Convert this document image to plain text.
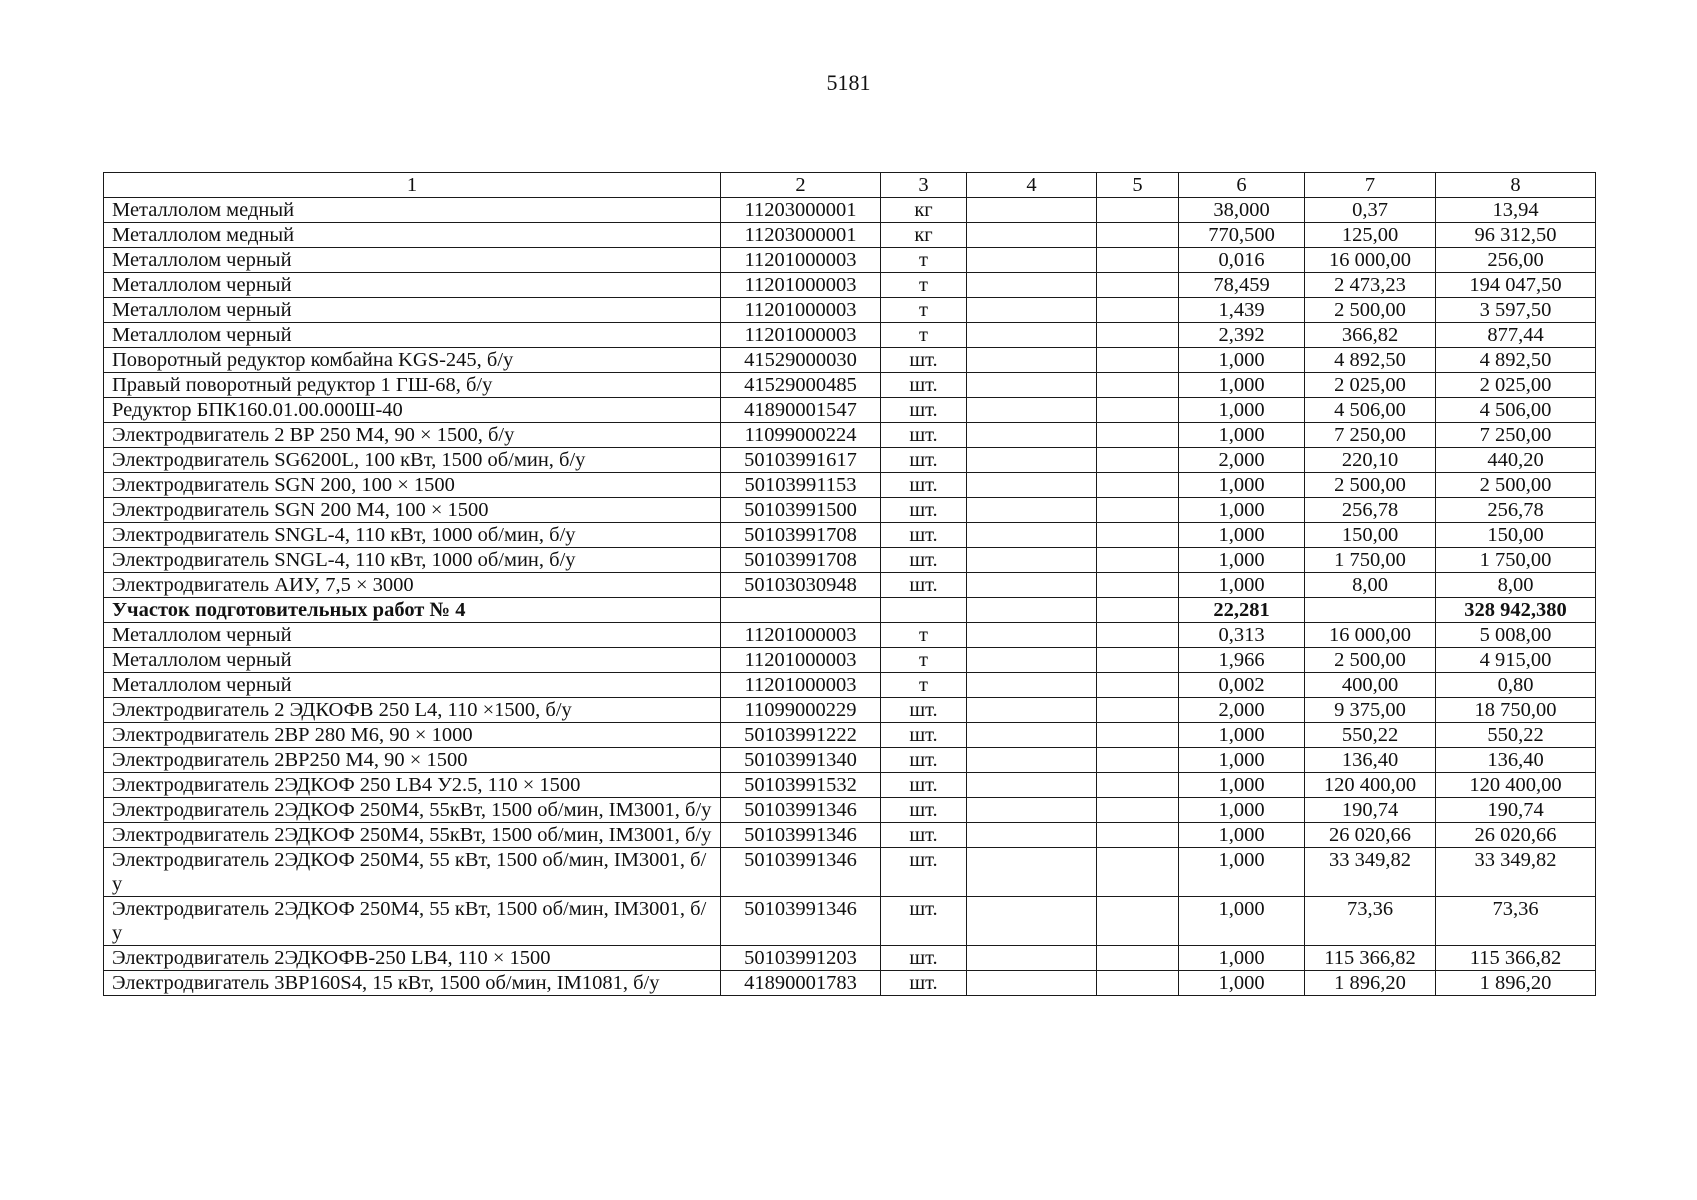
5181
1	2	3	4	5	6	7	8
Металлолом медный	11203000001	кг			38,000	0,37	13,94
Металлолом медный	11203000001	кг			770,500	125,00	96 312,50
Металлолом черный	11201000003	т			0,016	16 000,00	256,00
Металлолом черный	11201000003	т			78,459	2 473,23	194 047,50
Металлолом черный	11201000003	т			1,439	2 500,00	3 597,50
Металлолом черный	11201000003	т			2,392	366,82	877,44
Поворотный редуктор комбайна KGS-245, б/у	41529000030	шт.			1,000	4 892,50	4 892,50
Правый поворотный редуктор 1 ГШ-68, б/у	41529000485	шт.			1,000	2 025,00	2 025,00
Редуктор БПК160.01.00.000Ш-40	41890001547	шт.			1,000	4 506,00	4 506,00
Электродвигатель 2 ВР 250 М4, 90 × 1500, б/у	11099000224	шт.			1,000	7 250,00	7 250,00
Электродвигатель SG6200L, 100 кВт, 1500 об/мин, б/у	50103991617	шт.			2,000	220,10	440,20
Электродвигатель SGN 200, 100 × 1500	50103991153	шт.			1,000	2 500,00	2 500,00
Электродвигатель SGN 200 М4, 100 × 1500	50103991500	шт.			1,000	256,78	256,78
Электродвигатель SNGL-4, 110 кВт, 1000 об/мин, б/у	50103991708	шт.			1,000	150,00	150,00
Электродвигатель SNGL-4, 110 кВт, 1000 об/мин, б/у	50103991708	шт.			1,000	1 750,00	1 750,00
Электродвигатель АИУ, 7,5 × 3000	50103030948	шт.			1,000	8,00	8,00
Участок подготовительных работ № 4					22,281		328 942,380
Металлолом черный	11201000003	т			0,313	16 000,00	5 008,00
Металлолом черный	11201000003	т			1,966	2 500,00	4 915,00
Металлолом черный	11201000003	т			0,002	400,00	0,80
Электродвигатель 2 ЭДКОФВ 250 L4, 110 ×1500, б/у	11099000229	шт.			2,000	9 375,00	18 750,00
Электродвигатель 2ВР 280 М6, 90 × 1000	50103991222	шт.			1,000	550,22	550,22
Электродвигатель 2ВР250 М4, 90 × 1500	50103991340	шт.			1,000	136,40	136,40
Электродвигатель 2ЭДКОФ 250 LB4 У2.5, 110 × 1500	50103991532	шт.			1,000	120 400,00	120 400,00
Электродвигатель 2ЭДКОФ 250М4, 55кВт, 1500 об/мин, IM3001, б/у	50103991346	шт.			1,000	190,74	190,74
Электродвигатель 2ЭДКОФ 250М4, 55кВт, 1500 об/мин, IM3001, б/у	50103991346	шт.			1,000	26 020,66	26 020,66
Электродвигатель 2ЭДКОФ 250М4, 55 кВт, 1500 об/мин, IM3001, б/у	50103991346	шт.			1,000	33 349,82	33 349,82
Электродвигатель 2ЭДКОФ 250М4, 55 кВт, 1500 об/мин, IM3001, б/у	50103991346	шт.			1,000	73,36	73,36
Электродвигатель 2ЭДКОФВ-250 LB4, 110 × 1500	50103991203	шт.			1,000	115 366,82	115 366,82
Электродвигатель 3ВР160S4, 15 кВт, 1500 об/мин, IM1081, б/у	41890001783	шт.			1,000	1 896,20	1 896,20
